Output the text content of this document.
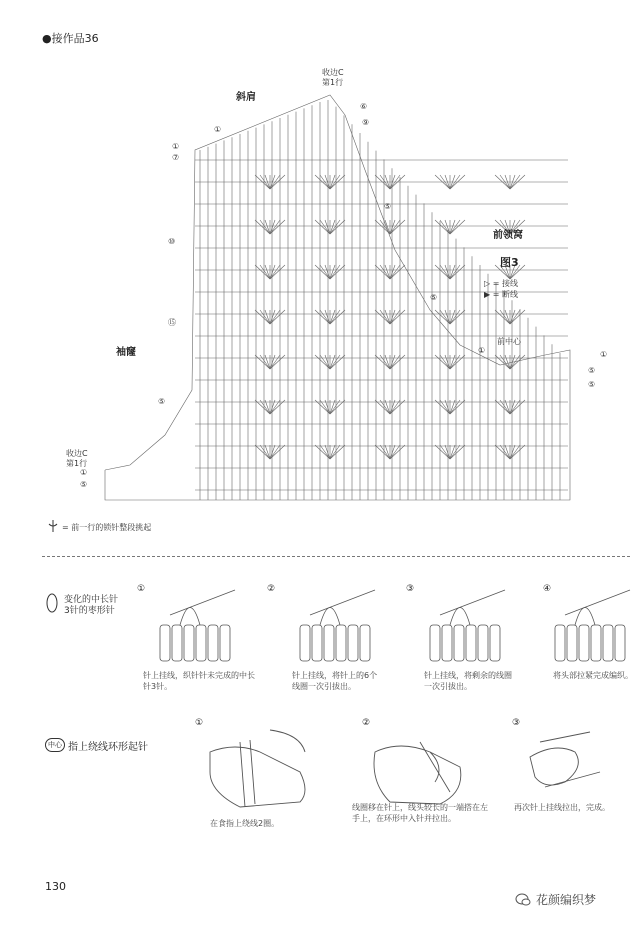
●接作品36
斜肩
袖窿
前领窝
图3
▷ = 接线
▶ = 断线
前中心
收边C
第1行
收边C
第1行
①
⑦
⑩
⑮
⑤
⑥
⑨
⑤
①
⑤
⑤
①
⑤
⑤
①
①
= 前一行的锁针整段挑起
变化的中长针
3针的枣形针
①	②	③	④
针上挂线，织针针未完成的中长针3针。
针上挂线，将针上的6个线圈一次引拔出。
针上挂线，将剩余的线圈一次引拔出。
将头部拉紧完成编织。
中心 指上绕线环形起针
①	②	③
在食指上绕线2圈。
线圈移在针上，线头较长的一端搭在左手上，在环形中入针并拉出。
再次针上挂线拉出，完成。
130
花颜编织梦
